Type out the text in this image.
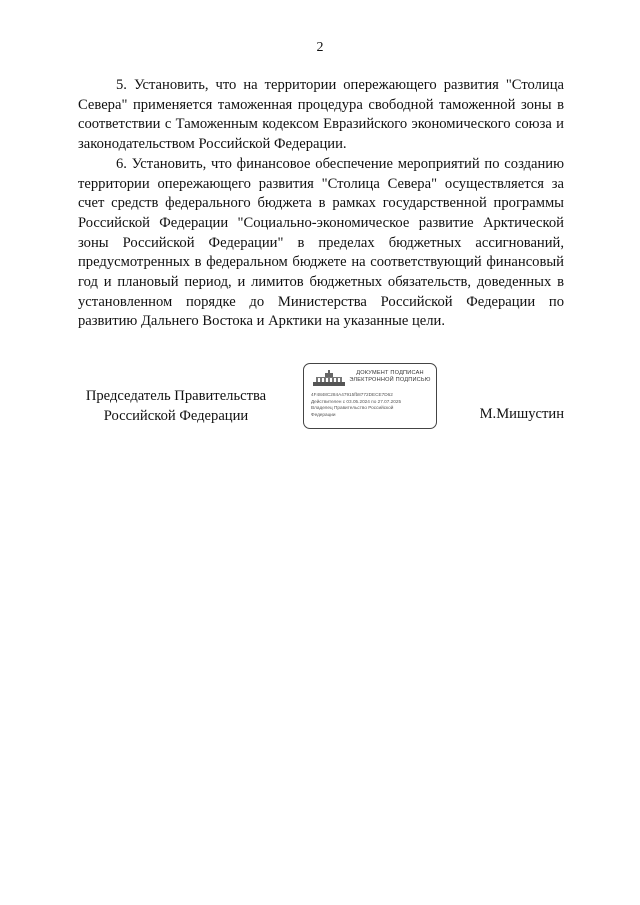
2

5. Установить, что на территории опережающего развития "Столица Севера" применяется таможенная процедура свободной таможенной зоны в соответствии с Таможенным кодексом Евразийского экономического союза и законодательством Российской Федерации.

6. Установить, что финансовое обеспечение мероприятий по созданию территории опережающего развития "Столица Севера" осуществляется за счет средств федерального бюджета в рамках государственной программы Российской Федерации "Социально-экономическое развитие Арктической зоны Российской Федерации" в пределах бюджетных ассигнований, предусмотренных в федеральном бюджете на соответствующий финансовый год и плановый период, и лимитов бюджетных обязательств, доведенных в установленном порядке до Министерства Российской Федерации по развитию Дальнего Востока и Арктики на указанные цели.

Председатель Правительства
Российской Федерации
ДОКУМЕНТ ПОДПИСАН
ЭЛЕКТРОННОЙ ПОДПИСЬЮ
4F4848C284A47915fb8772DECE7D62
Действителен с 03.05.2024 по 27.07.2025
Владелец Правительство Российской
Федерации	М.Мишустин
